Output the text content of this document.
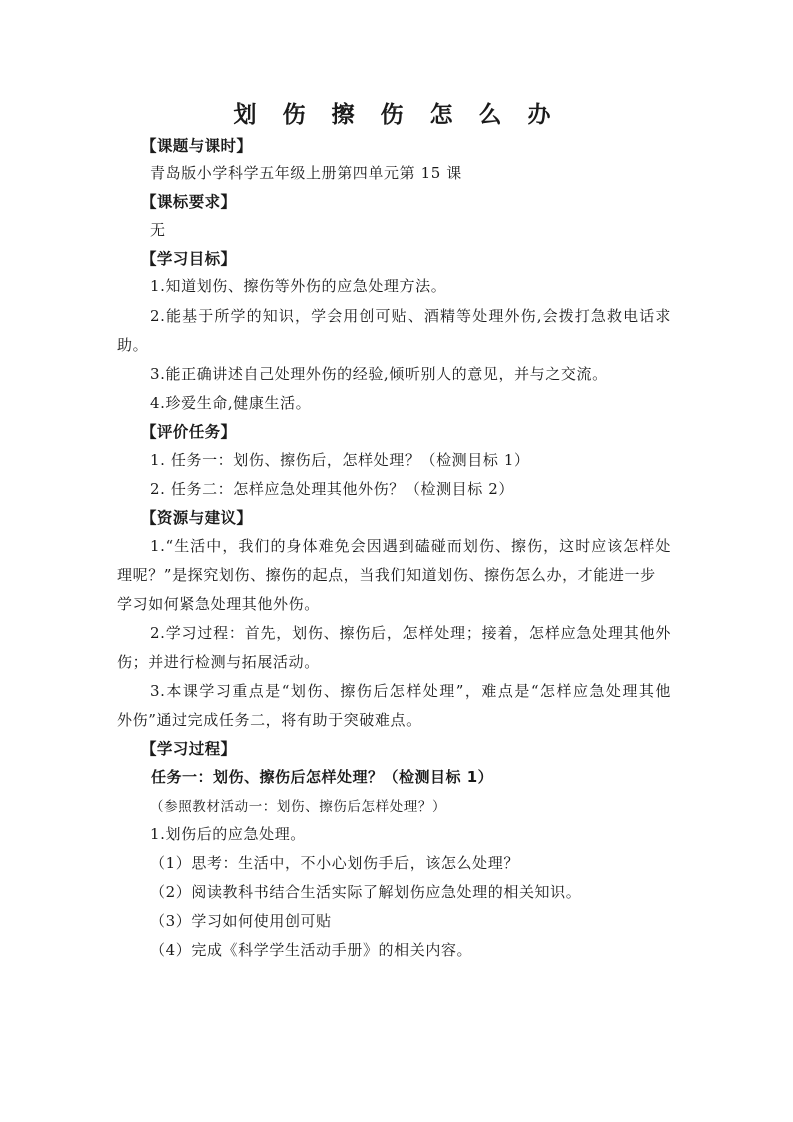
划 伤 擦 伤 怎 么 办
【课题与课时】
青岛版小学科学五年级上册第四单元第 15 课
【课标要求】
无
【学习目标】
1.知道划伤、擦伤等外伤的应急处理方法。
2.能基于所学的知识，学会用创可贴、酒精等处理外伤,会拨打急救电话求
助。
3.能正确讲述自己处理外伤的经验,倾听别人的意见，并与之交流。
4.珍爱生命,健康生活。
【评价任务】
1. 任务一：划伤、擦伤后，怎样处理？（检测目标 1）
2. 任务二：怎样应急处理其他外伤？（检测目标 2）
【资源与建议】
1.“生活中，我们的身体难免会因遇到磕碰而划伤、擦伤，这时应该怎样处
理呢？”是探究划伤、擦伤的起点，当我们知道划伤、擦伤怎么办，才能进一步
学习如何紧急处理其他外伤。
2.学习过程：首先，划伤、擦伤后，怎样处理；接着，怎样应急处理其他外
伤；并进行检测与拓展活动。
3.本课学习重点是“划伤、擦伤后怎样处理”，难点是“怎样应急处理其他
外伤”通过完成任务二，将有助于突破难点。
【学习过程】
任务一：划伤、擦伤后怎样处理？（检测目标 1）
（参照教材活动一：划伤、擦伤后怎样处理？）
1.划伤后的应急处理。
（1）思考：生活中，不小心划伤手后，该怎么处理？
（2）阅读教科书结合生活实际了解划伤应急处理的相关知识。
（3）学习如何使用创可贴
（4）完成《科学学生活动手册》的相关内容。
